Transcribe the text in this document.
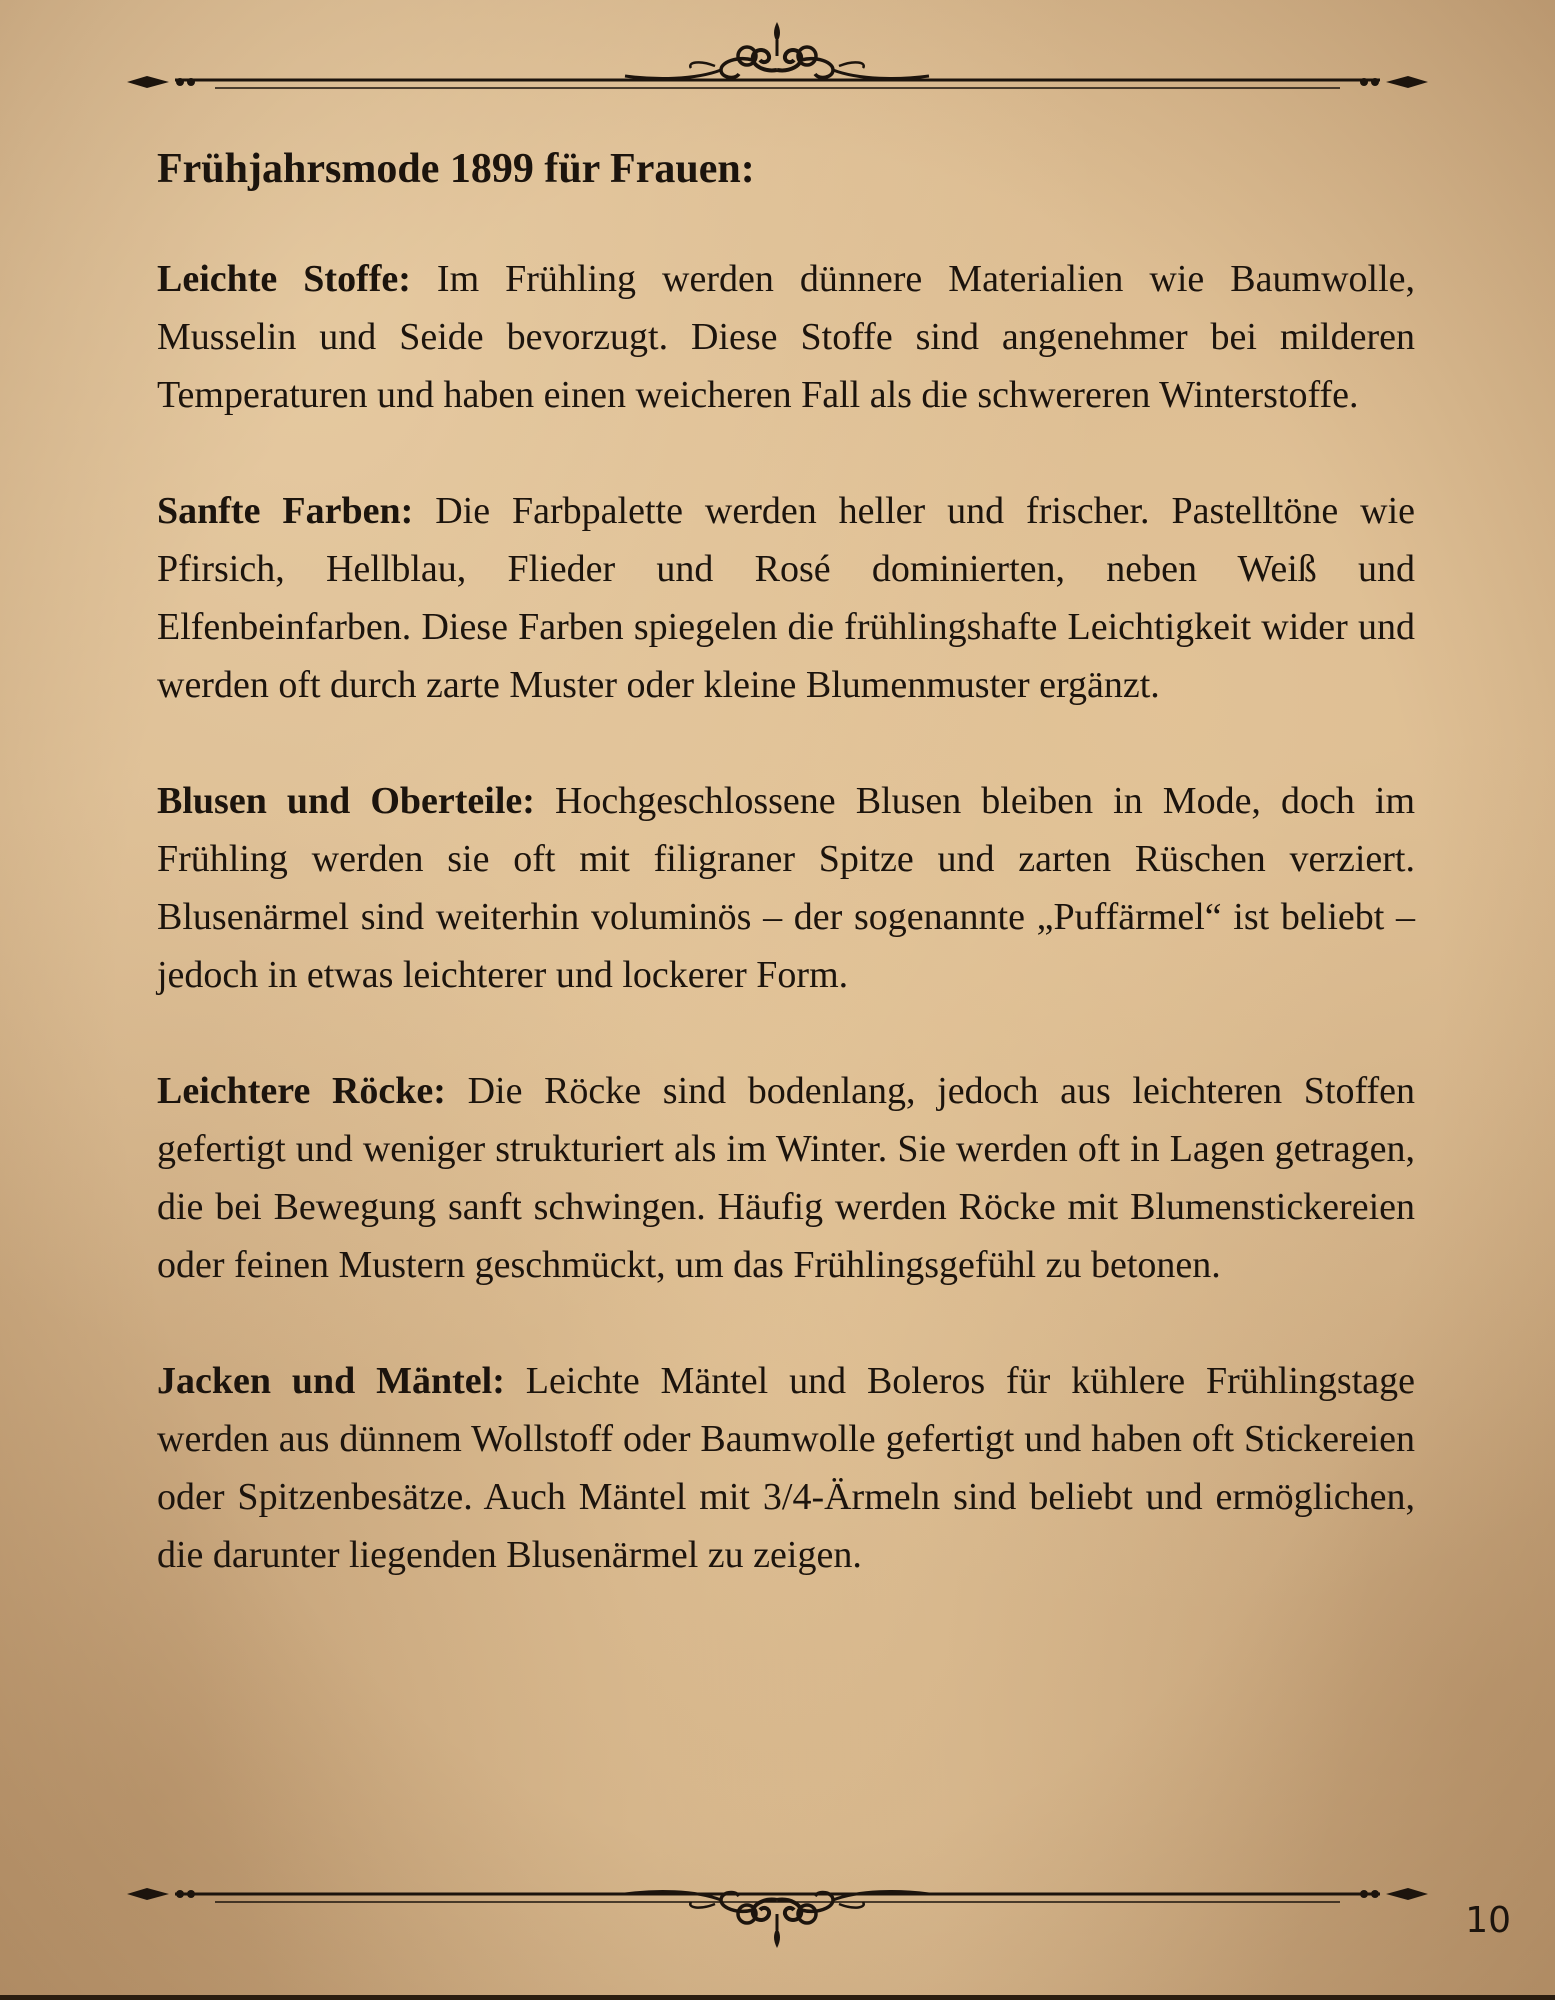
Frühjahrsmode 1899 für Frauen:

Leichte Stoffe: Im Frühling werden dünnere Materialien wie Baumwolle, Musselin und Seide bevorzugt. Diese Stoffe sind angenehmer bei milderen Temperaturen und haben einen weicheren Fall als die schwereren Winterstoffe.

Sanfte Farben: Die Farbpalette werden heller und frischer. Pastelltöne wie Pfirsich, Hellblau, Flieder und Rosé dominierten, neben Weiß und Elfenbeinfarben. Diese Farben spiegelen die frühlingshafte Leichtigkeit wider und werden oft durch zarte Muster oder kleine Blumenmuster ergänzt.

Blusen und Oberteile: Hochgeschlossene Blusen bleiben in Mode, doch im Frühling werden sie oft mit filigraner Spitze und zarten Rüschen verziert. Blusenärmel sind weiterhin voluminös – der sogenannte „Puffärmel“ ist beliebt – jedoch in etwas leichterer und lockerer Form.

Leichtere Röcke: Die Röcke sind bodenlang, jedoch aus leichteren Stoffen gefertigt und weniger strukturiert als im Winter. Sie werden oft in Lagen getragen, die bei Bewegung sanft schwingen. Häufig werden Röcke mit Blumenstickereien oder feinen Mustern geschmückt, um das Frühlingsgefühl zu betonen.

Jacken und Mäntel: Leichte Mäntel und Boleros für kühlere Frühlingstage werden aus dünnem Wollstoff oder Baumwolle gefertigt und haben oft Stickereien oder Spitzenbesätze. Auch Mäntel mit 3/4-Ärmeln sind beliebt und ermöglichen, die darunter liegenden Blusenärmel zu zeigen.

10
